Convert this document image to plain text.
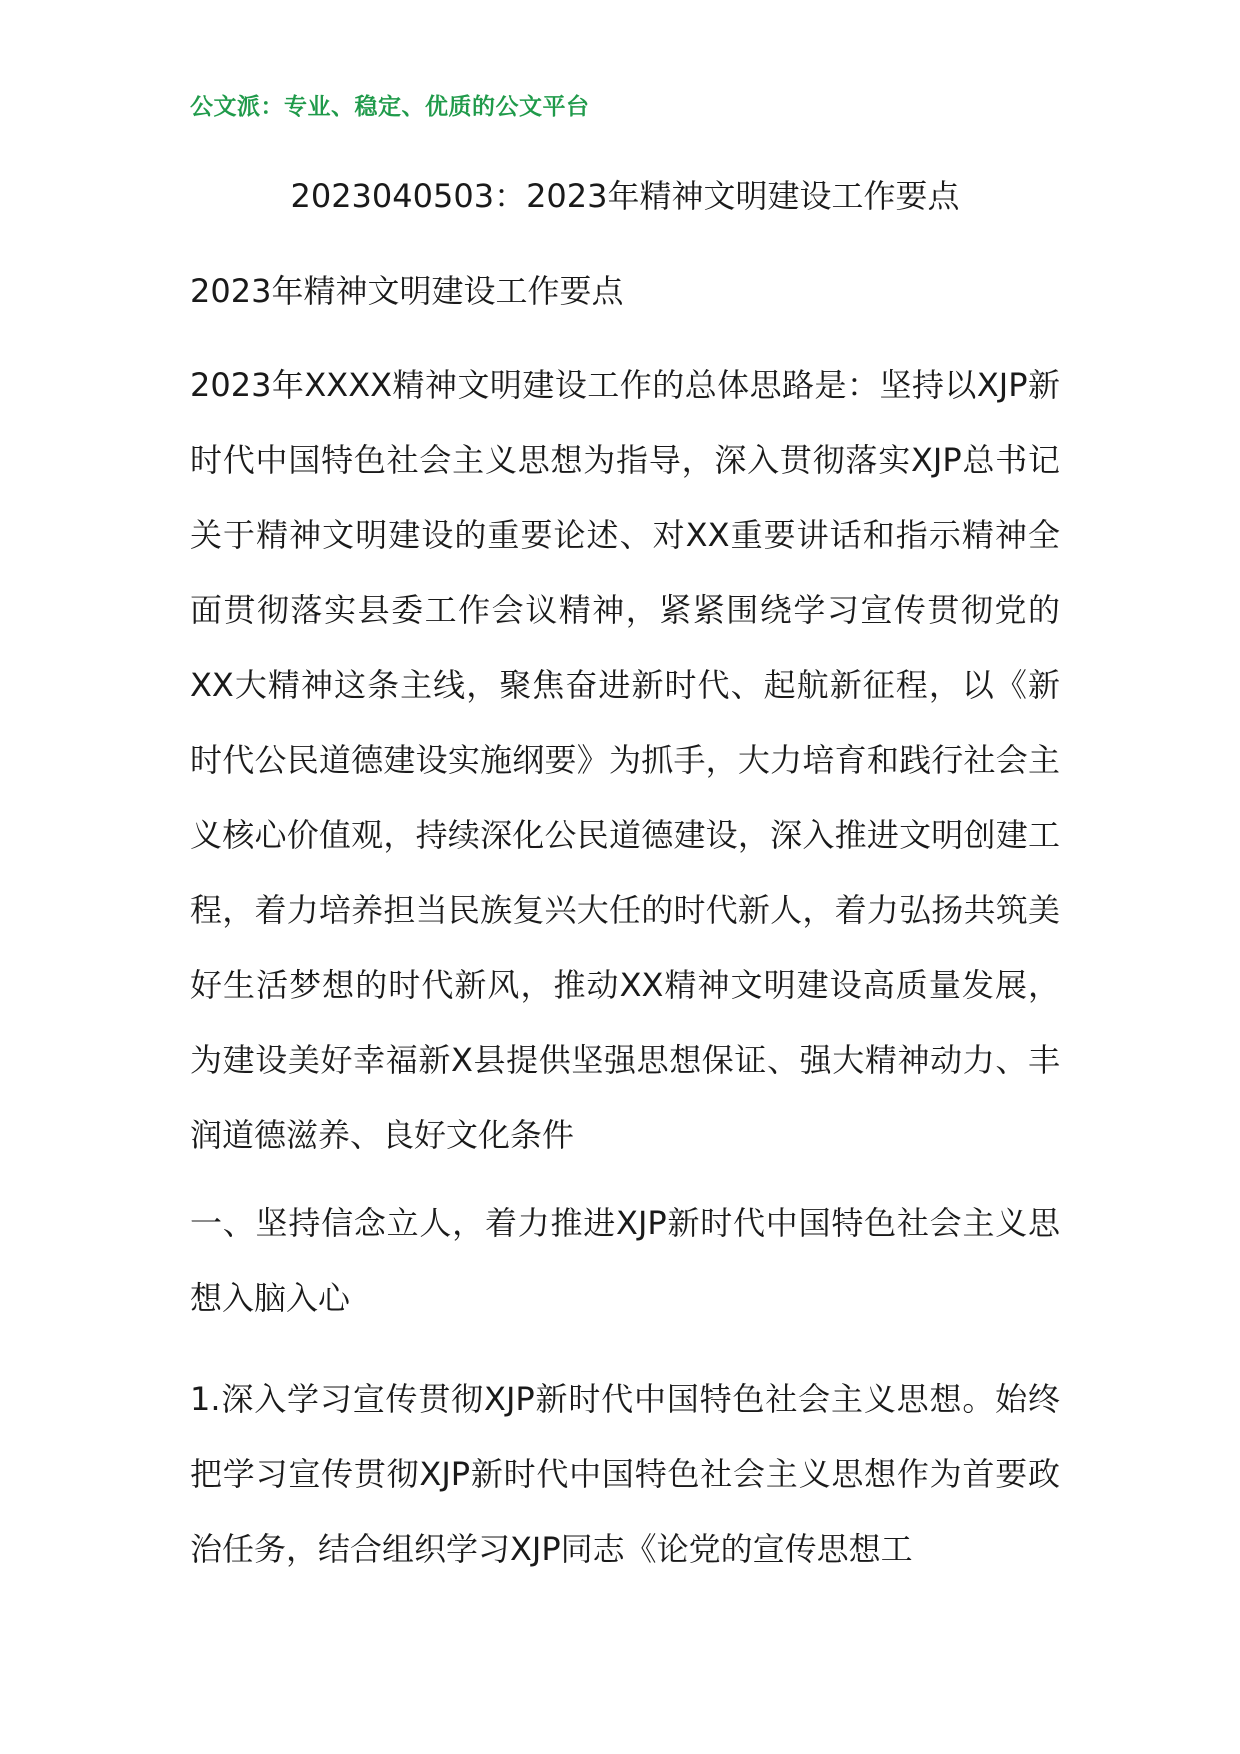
公文派：专业、稳定、优质的公文平台
2023040503：2023年精神文明建设工作要点
2023年精神文明建设工作要点
2023年XXXX精神文明建设工作的总体思路是：坚持以XJP新时代中国特色社会主义思想为指导，深入贯彻落实XJP总书记关于精神文明建设的重要论述、对XX重要讲话和指示精神全面贯彻落实县委工作会议精神，紧紧围绕学习宣传贯彻党的XX大精神这条主线，聚焦奋进新时代、起航新征程，以《新时代公民道德建设实施纲要》为抓手，大力培育和践行社会主义核心价值观，持续深化公民道德建设，深入推进文明创建工程，着力培养担当民族复兴大任的时代新人，着力弘扬共筑美好生活梦想的时代新风，推动XX精神文明建设高质量发展，为建设美好幸福新X县提供坚强思想保证、强大精神动力、丰润道德滋养、良好文化条件
一、坚持信念立人，着力推进XJP新时代中国特色社会主义思想入脑入心
1.深入学习宣传贯彻XJP新时代中国特色社会主义思想。始终把学习宣传贯彻XJP新时代中国特色社会主义思想作为首要政治任务，结合组织学习XJP同志《论党的宣传思想工
